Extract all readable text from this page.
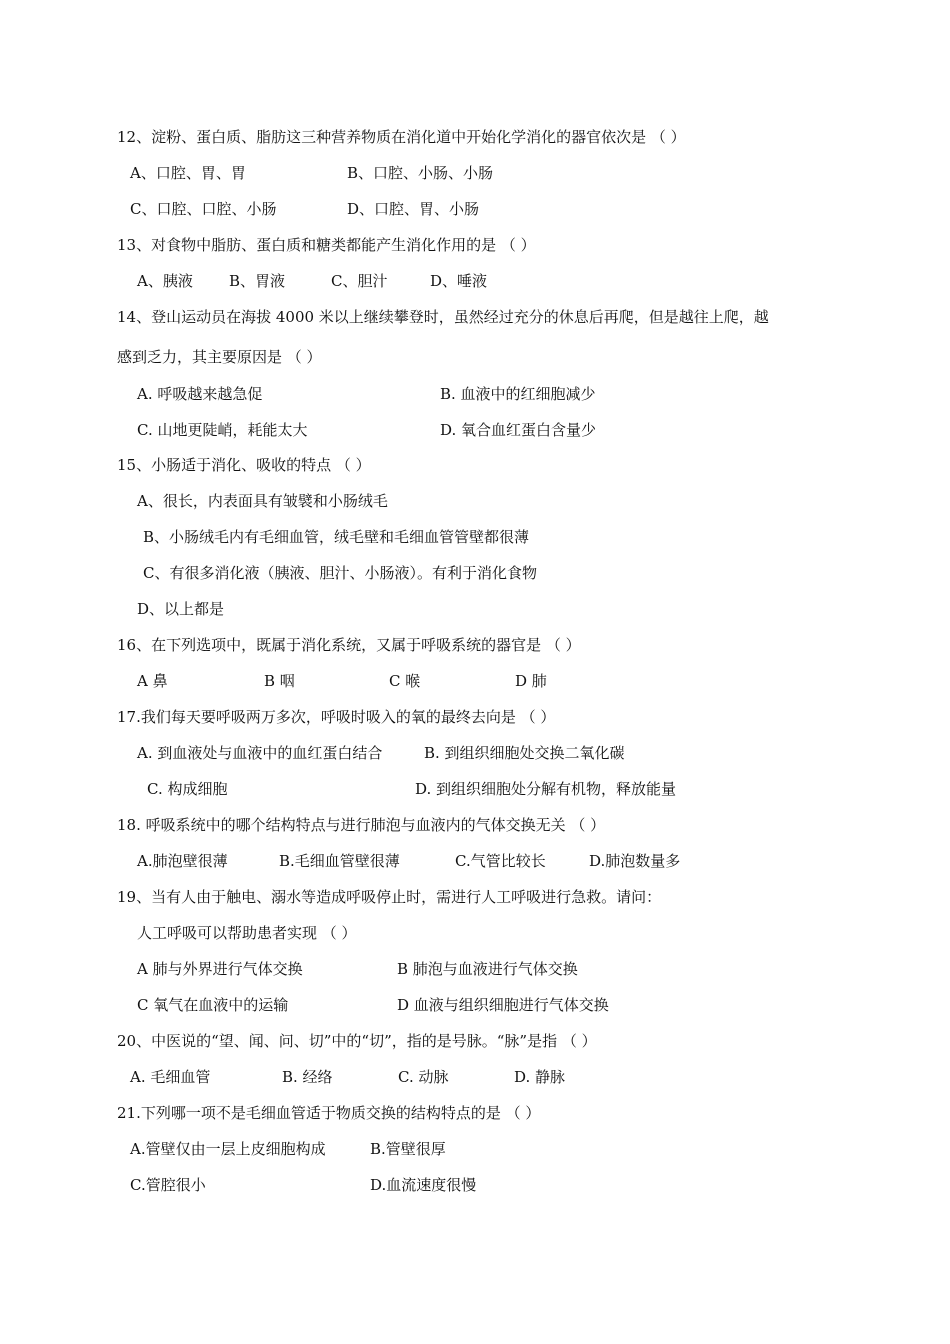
12、淀粉、蛋白质、脂肪这三种营养物质在消化道中开始化学消化的器官依次是 （ ）
A、口腔、胃、胃	B、口腔、小肠、小肠
C、口腔、口腔、小肠	D、口腔、胃、小肠
13、对食物中脂肪、蛋白质和糖类都能产生消化作用的是 （ ）
A、胰液 B、胃液	C、胆汁	D、唾液
14、登山运动员在海拔 4000 米以上继续攀登时，虽然经过充分的休息后再爬，但是越往上爬，越
感到乏力，其主要原因是 （ ）
A. 呼吸越来越急促	B. 血液中的红细胞减少
C. 山地更陡峭，耗能太大	D. 氧合血红蛋白含量少
15、小肠适于消化、吸收的特点 （ ）
A、很长，内表面具有皱襞和小肠绒毛
B、小肠绒毛内有毛细血管，绒毛壁和毛细血管管壁都很薄
C、有很多消化液（胰液、胆汁、小肠液）。有利于消化食物
D、以上都是
16、在下列选项中，既属于消化系统，又属于呼吸系统的器官是 （ ）
A 鼻	B 咽	C 喉	D 肺
17.我们每天要呼吸两万多次，呼吸时吸入的氧的最终去向是 （ ）
A. 到血液处与血液中的血红蛋白结合	B. 到组织细胞处交换二氧化碳
C. 构成细胞	D. 到组织细胞处分解有机物，释放能量
18. 呼吸系统中的哪个结构特点与进行肺泡与血液内的气体交换无关 （ ）
A.肺泡壁很薄	B.毛细血管壁很薄	C.气管比较长	D.肺泡数量多
19、当有人由于触电、溺水等造成呼吸停止时，需进行人工呼吸进行急救。请问：
人工呼吸可以帮助患者实现 （ ）
A 肺与外界进行气体交换	B 肺泡与血液进行气体交换
C 氧气在血液中的运输	D 血液与组织细胞进行气体交换
20、中医说的“望、闻、问、切”中的“切”，指的是号脉。“脉”是指 （ ）
A. 毛细血管	B. 经络	C. 动脉	D. 静脉
21.下列哪一项不是毛细血管适于物质交换的结构特点的是 （ ）
A.管壁仅由一层上皮细胞构成	B.管壁很厚
C.管腔很小	D.血流速度很慢
